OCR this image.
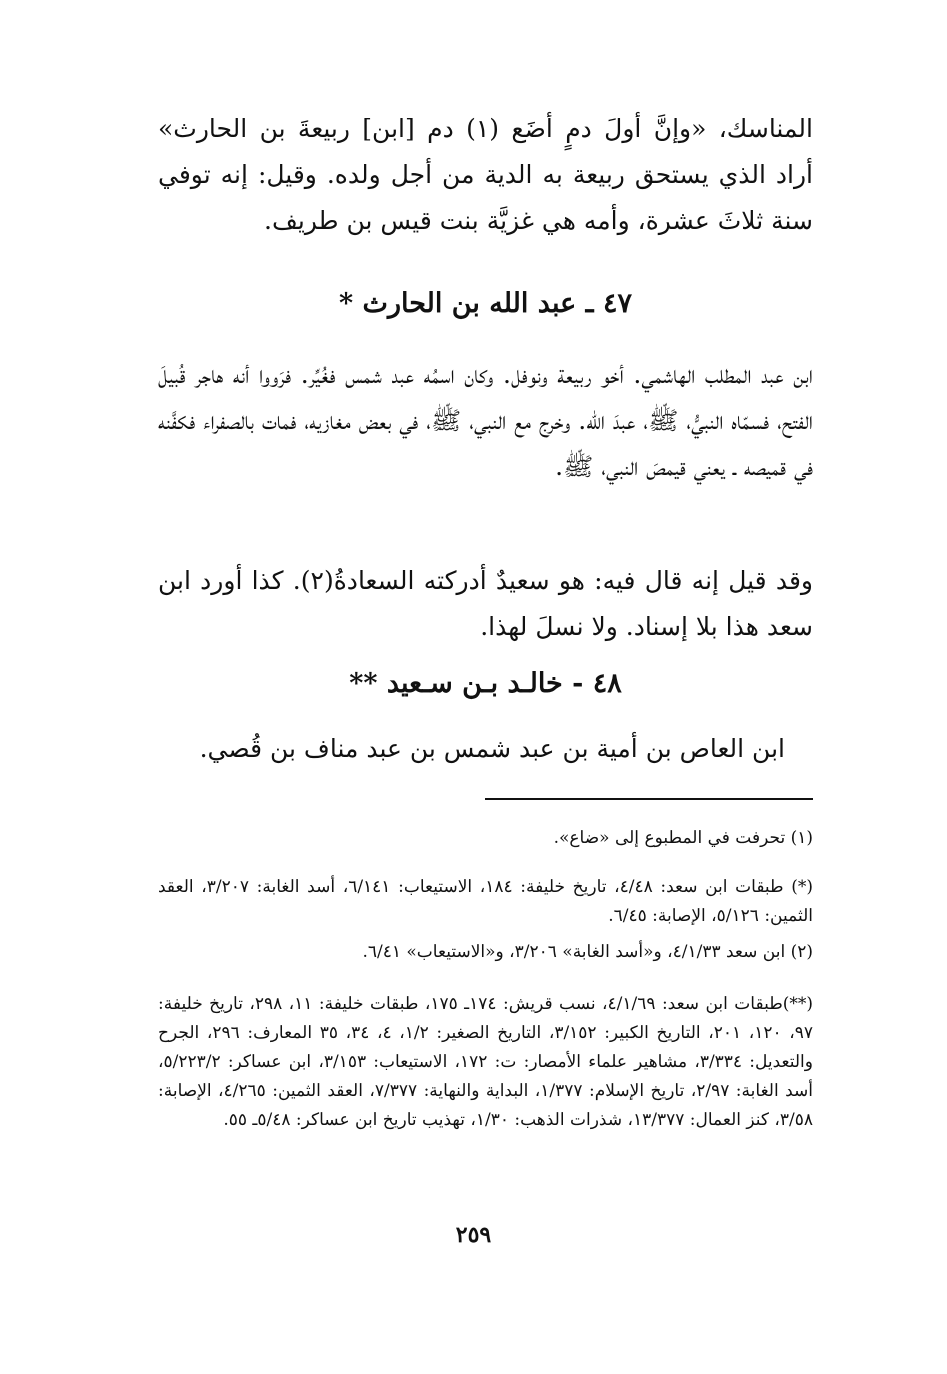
المناسك، «وإنَّ أولَ دمٍ أضَع (١) دم [ابن] ربيعةَ بن الحارث» أراد الذي يستحق ربيعة به الدية من أجل ولده. وقيل: إنه توفي سنة ثلاثَ عشرة، وأمه هي غزيَّة بنت قيس بن طريف.

٤٧ ـ عبد الله بن الحارث *

ابن عبد المطلب الهاشمي. أخو ربيعة ونوفل. وكان اسمُه عبد شمس فغُيِّر. فرَووا أنه هاجر قُبيلَ الفتح، فسمّاه النبيُّ، ﷺ، عبدَ الله. وخرج مع النبي، ﷺ، في بعض مغازيه، فمات بالصفراء فكفَّنه في قميصه ـ يعني قيمصَ النبي، ﷺ.

وقد قيل إنه قال فيه: هو سعيدٌ أدركته السعادةُ(٢). كذا أورد ابن سعد هذا بلا إسناد. ولا نسلَ لهذا.

٤٨ - خالـد بـن سـعيد **

ابن العاص بن أمية بن عبد شمس بن عبد مناف بن قُصي.

(١) تحرفت في المطبوع إلى «ضاع».

(*) طبقات ابن سعد: ٤/٤٨، تاريخ خليفة: ١٨٤، الاستيعاب: ٦/١٤١، أسد الغابة: ٣/٢٠٧، العقد الثمين: ٥/١٢٦، الإصابة: ٦/٤٥.

(٢) ابن سعد ٤/١/٣٣، و«أسد الغابة» ٣/٢٠٦، و«الاستيعاب» ٦/٤١.

(**)طبقات ابن سعد: ٤/١/٦٩، نسب قريش: ١٧٤ـ ١٧٥، طبقات خليفة: ١١، ٢٩٨، تاريخ خليفة: ٩٧، ١٢٠، ٢٠١، التاريخ الكبير: ٣/١٥٢، التاريخ الصغير: ١/٢، ٤، ٣٤، ٣٥ المعارف: ٢٩٦، الجرح والتعديل: ٣/٣٣٤، مشاهير علماء الأمصار: ت: ١٧٢، الاستيعاب: ٣/١٥٣، ابن عساكر: ٥/٢٢٣/٢، أسد الغابة: ٢/٩٧، تاريخ الإسلام: ١/٣٧٧، البداية والنهاية: ٧/٣٧٧، العقد الثمين: ٤/٢٦٥، الإصابة: ٣/٥٨، كنز العمال: ١٣/٣٧٧، شذرات الذهب: ١/٣٠، تهذيب تاريخ ابن عساكر: ٥/٤٨ـ ٥٥.

٢٥٩
